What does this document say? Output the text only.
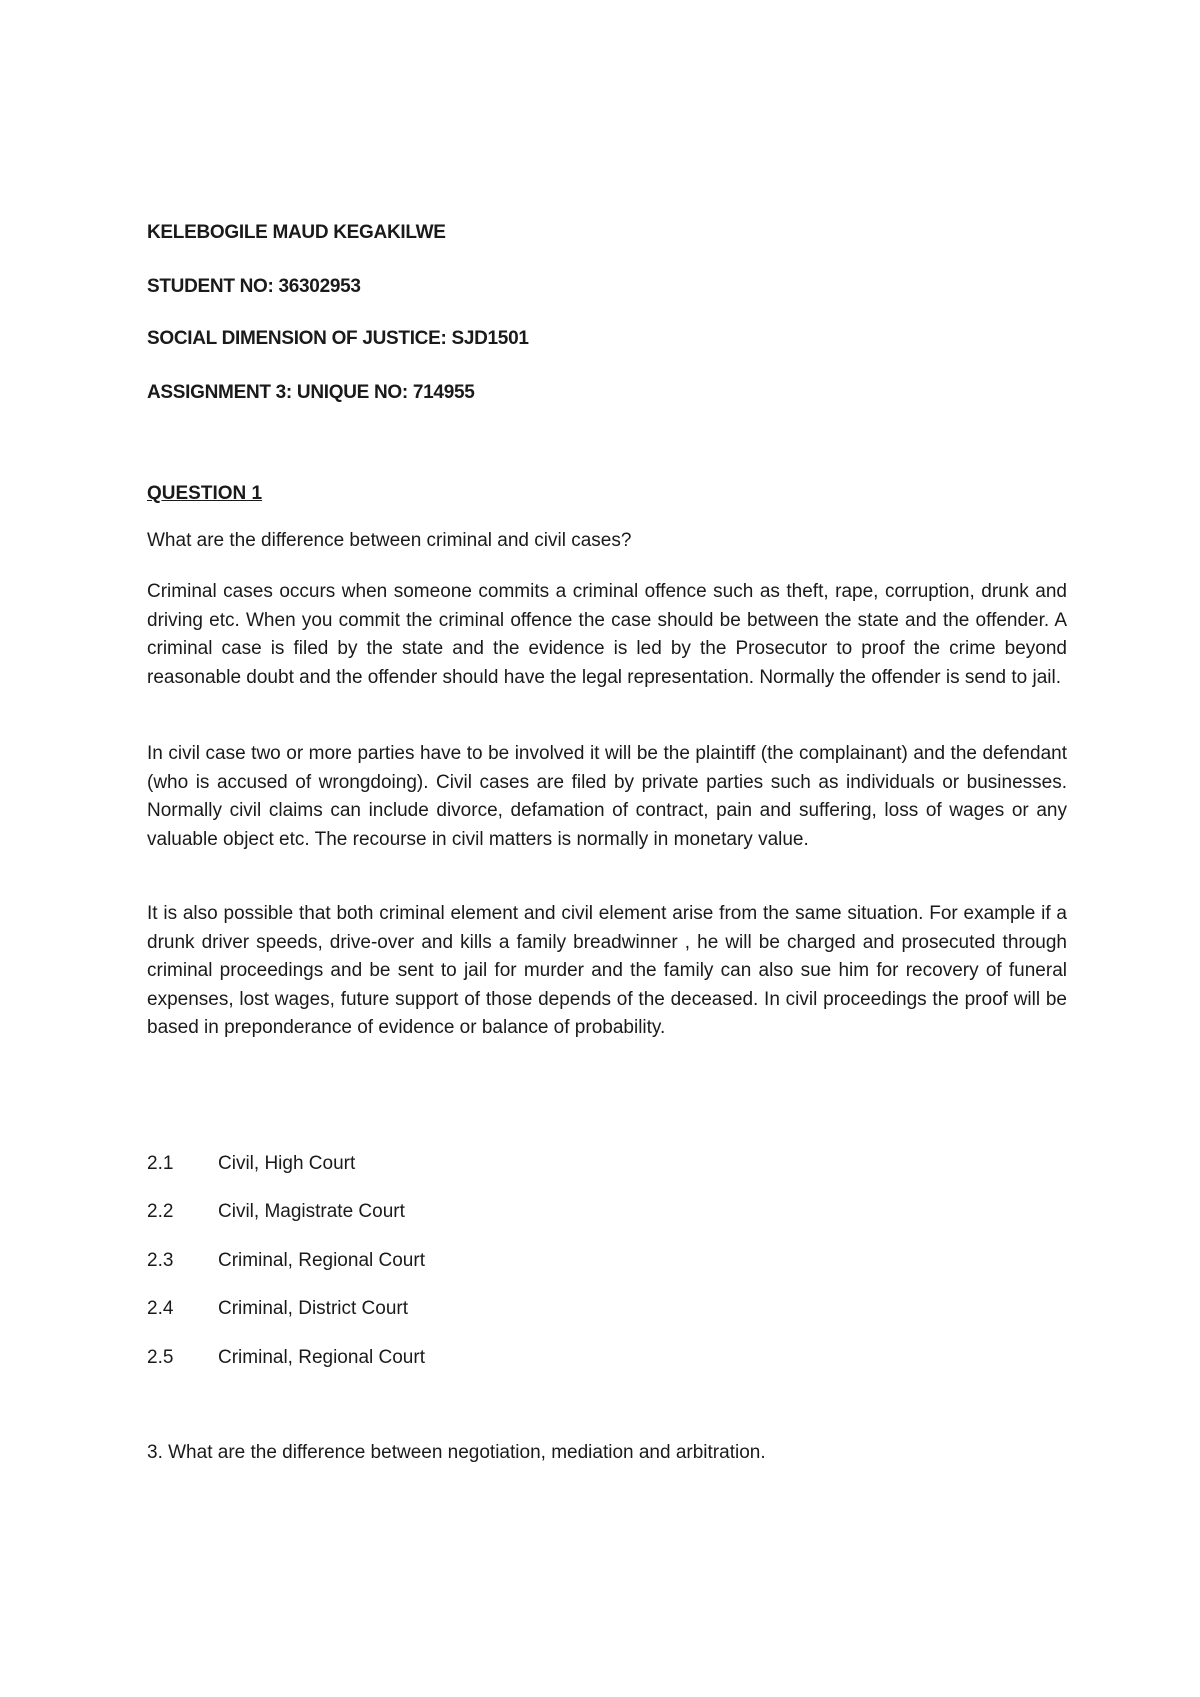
KELEBOGILE MAUD KEGAKILWE
STUDENT NO: 36302953
SOCIAL DIMENSION OF JUSTICE: SJD1501
ASSIGNMENT 3: UNIQUE NO: 714955
QUESTION 1
What are the difference between criminal and civil cases?
Criminal cases occurs when someone commits a criminal offence such as theft, rape, corruption, drunk and driving etc. When you commit the criminal offence the case should be between the state and the offender. A criminal case is filed by the state and the evidence is led by the Prosecutor to proof the crime beyond reasonable doubt and the offender should have the legal representation. Normally the offender is send to jail.
In civil case two or more parties have to be involved it will be the plaintiff (the complainant) and the defendant (who is accused of wrongdoing). Civil cases are filed by private parties such as individuals or businesses. Normally civil claims can include divorce, defamation of contract, pain and suffering, loss of wages or any valuable object etc. The recourse in civil matters is normally in monetary value.
It is also possible that both criminal element and civil element arise from the same situation. For example if a drunk driver speeds, drive-over and kills a family breadwinner , he will be charged and prosecuted through criminal proceedings and be sent to jail for murder and the family can also sue him for recovery of funeral expenses, lost wages, future support of those depends of the deceased. In civil proceedings the proof will be based in preponderance of evidence or balance of probability.
2.1 Civil, High Court
2.2 Civil, Magistrate Court
2.3 Criminal, Regional Court
2.4 Criminal, District Court
2.5 Criminal, Regional Court
3. What are the difference between negotiation, mediation and arbitration.
